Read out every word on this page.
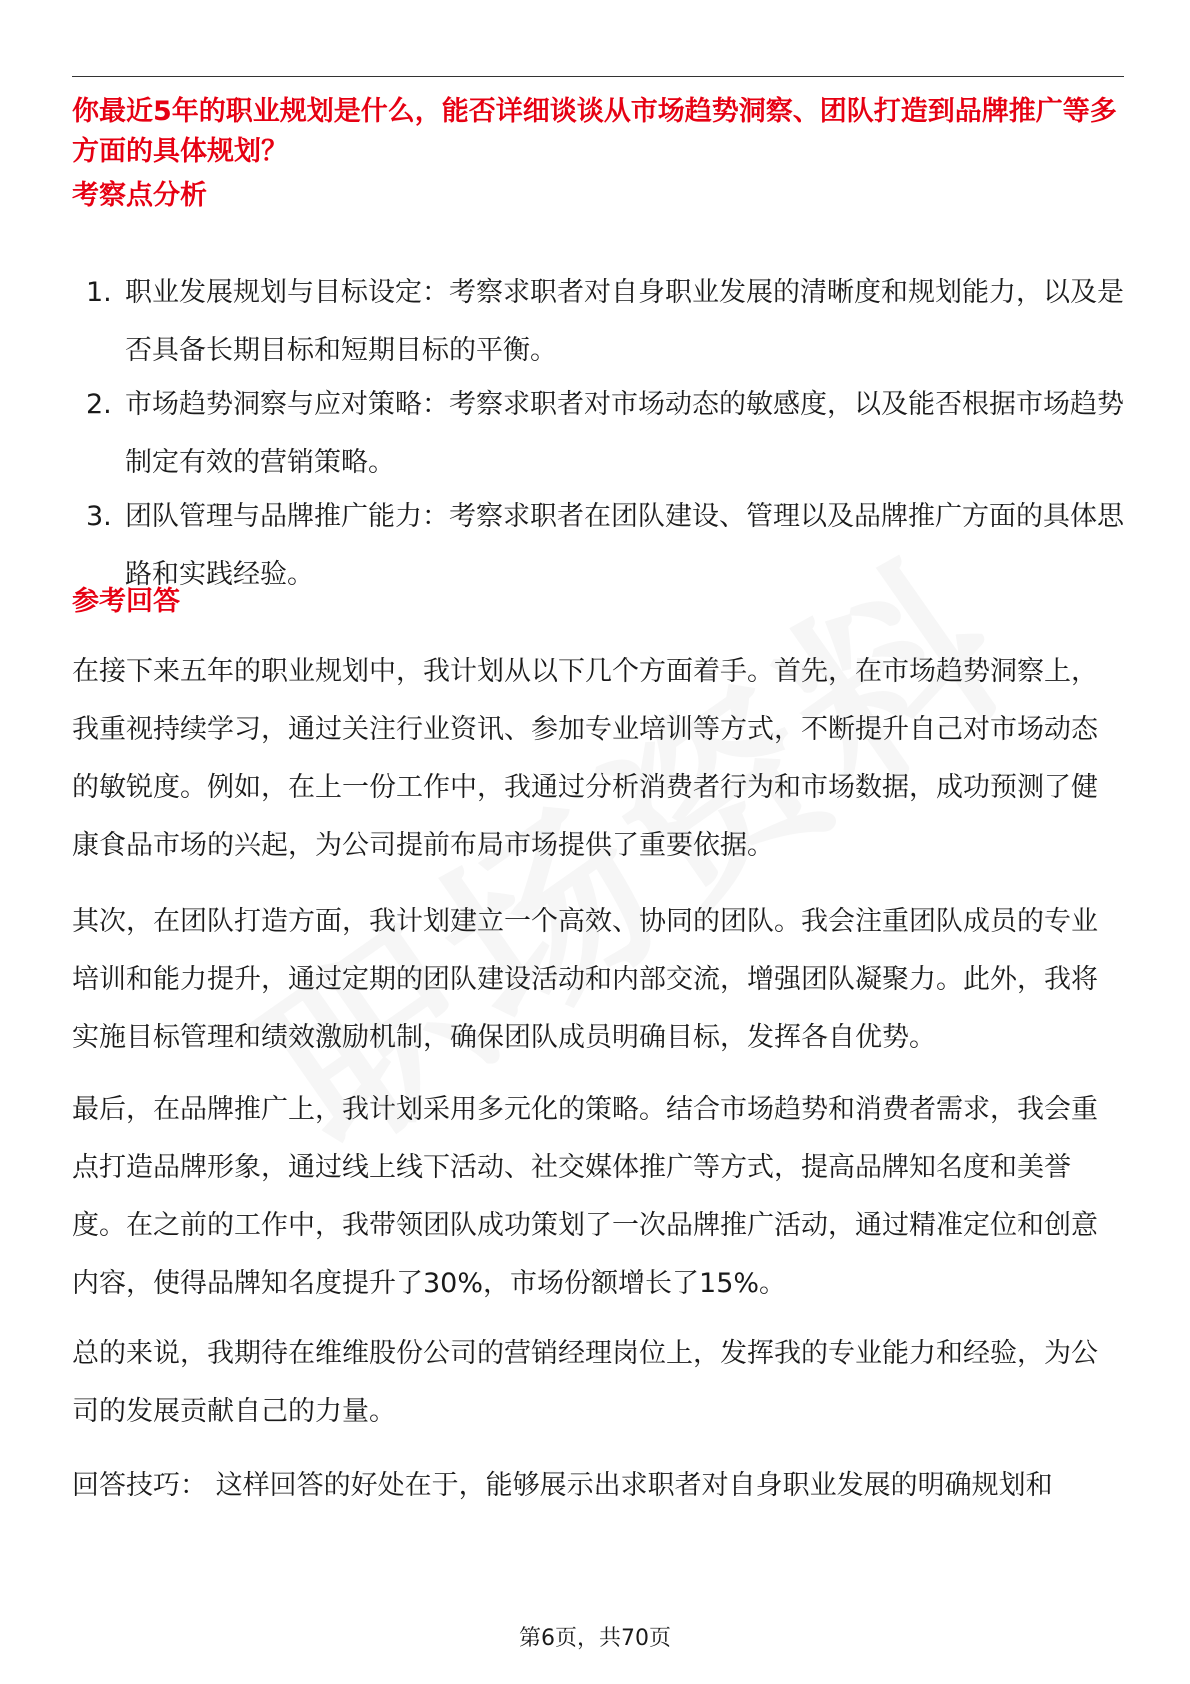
你最近5年的职业规划是什么，能否详细谈谈从市场趋势洞察、团队打造到品牌推广等多方面的具体规划？

考察点分析

1. 职业发展规划与目标设定：考察求职者对自身职业发展的清晰度和规划能力，以及是否具备长期目标和短期目标的平衡。
2. 市场趋势洞察与应对策略：考察求职者对市场动态的敏感度，以及能否根据市场趋势制定有效的营销策略。
3. 团队管理与品牌推广能力：考察求职者在团队建设、管理以及品牌推广方面的具体思路和实践经验。

参考回答

在接下来五年的职业规划中，我计划从以下几个方面着手。首先，在市场趋势洞察上，我重视持续学习，通过关注行业资讯、参加专业培训等方式，不断提升自己对市场动态的敏锐度。例如，在上一份工作中，我通过分析消费者行为和市场数据，成功预测了健康食品市场的兴起，为公司提前布局市场提供了重要依据。

其次，在团队打造方面，我计划建立一个高效、协同的团队。我会注重团队成员的专业培训和能力提升，通过定期的团队建设活动和内部交流，增强团队凝聚力。此外，我将实施目标管理和绩效激励机制，确保团队成员明确目标，发挥各自优势。

最后，在品牌推广上，我计划采用多元化的策略。结合市场趋势和消费者需求，我会重点打造品牌形象，通过线上线下活动、社交媒体推广等方式，提高品牌知名度和美誉度。在之前的工作中，我带领团队成功策划了一次品牌推广活动，通过精准定位和创意内容，使得品牌知名度提升了30%，市场份额增长了15%。

总的来说，我期待在维维股份公司的营销经理岗位上，发挥我的专业能力和经验，为公司的发展贡献自己的力量。

回答技巧： 这样回答的好处在于，能够展示出求职者对自身职业发展的明确规划和

第6页，共70页
